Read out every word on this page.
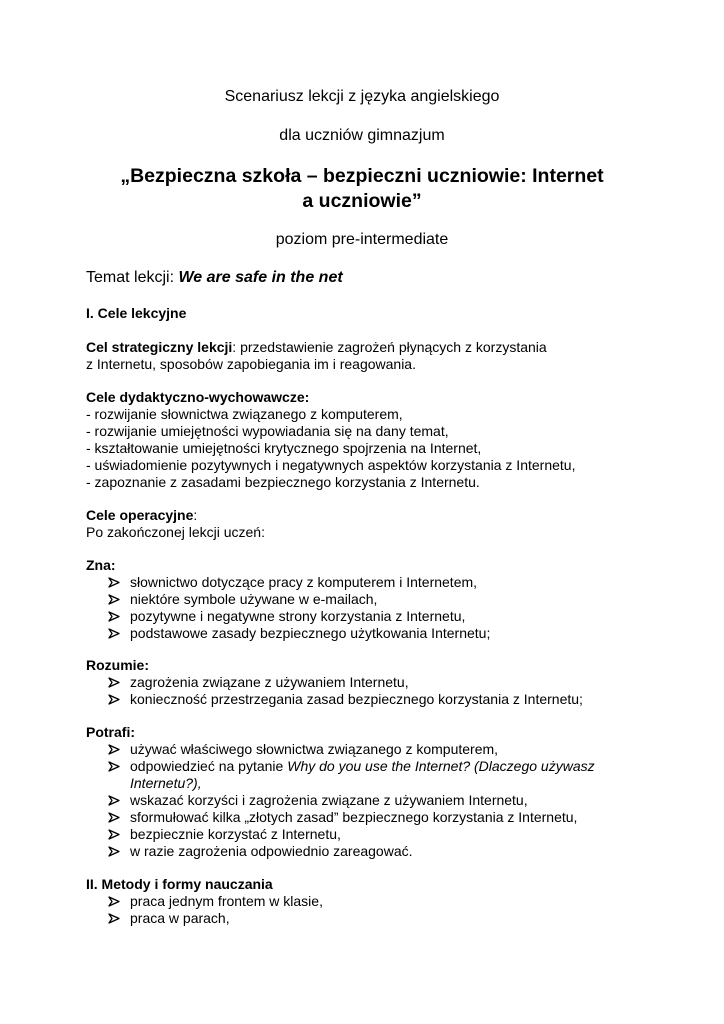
Scenariusz lekcji z języka angielskiego
dla uczniów gimnazjum
„Bezpieczna szkoła – bezpieczni uczniowie: Internet
a uczniowie”
poziom pre-intermediate
Temat lekcji: We are safe in the net
I. Cele lekcyjne
Cel strategiczny lekcji: przedstawienie zagrożeń płynących z korzystania
z Internetu, sposobów zapobiegania im i reagowania.
Cele dydaktyczno-wychowawcze:
- rozwijanie słownictwa związanego z komputerem,
- rozwijanie umiejętności wypowiadania się na dany temat,
- kształtowanie umiejętności krytycznego spojrzenia na Internet,
- uświadomienie pozytywnych i negatywnych aspektów korzystania z Internetu,
- zapoznanie z zasadami bezpiecznego korzystania z Internetu.
Cele operacyjne:
Po zakończonej lekcji uczeń:
Zna:
słownictwo dotyczące pracy z komputerem i Internetem,
niektóre symbole używane w e-mailach,
pozytywne i negatywne strony korzystania z Internetu,
podstawowe zasady bezpiecznego użytkowania Internetu;
Rozumie:
zagrożenia związane z używaniem Internetu,
konieczność przestrzegania zasad bezpiecznego korzystania z Internetu;
Potrafi:
używać właściwego słownictwa związanego z komputerem,
odpowiedzieć na pytanie Why do you use the Internet? (Dlaczego używasz
Internetu?),
wskazać korzyści i zagrożenia związane z używaniem Internetu,
sformułować kilka „złotych zasad” bezpiecznego korzystania z Internetu,
bezpiecznie korzystać z Internetu,
w razie zagrożenia odpowiednio zareagować.
II. Metody i formy nauczania
praca jednym frontem w klasie,
praca w parach,
